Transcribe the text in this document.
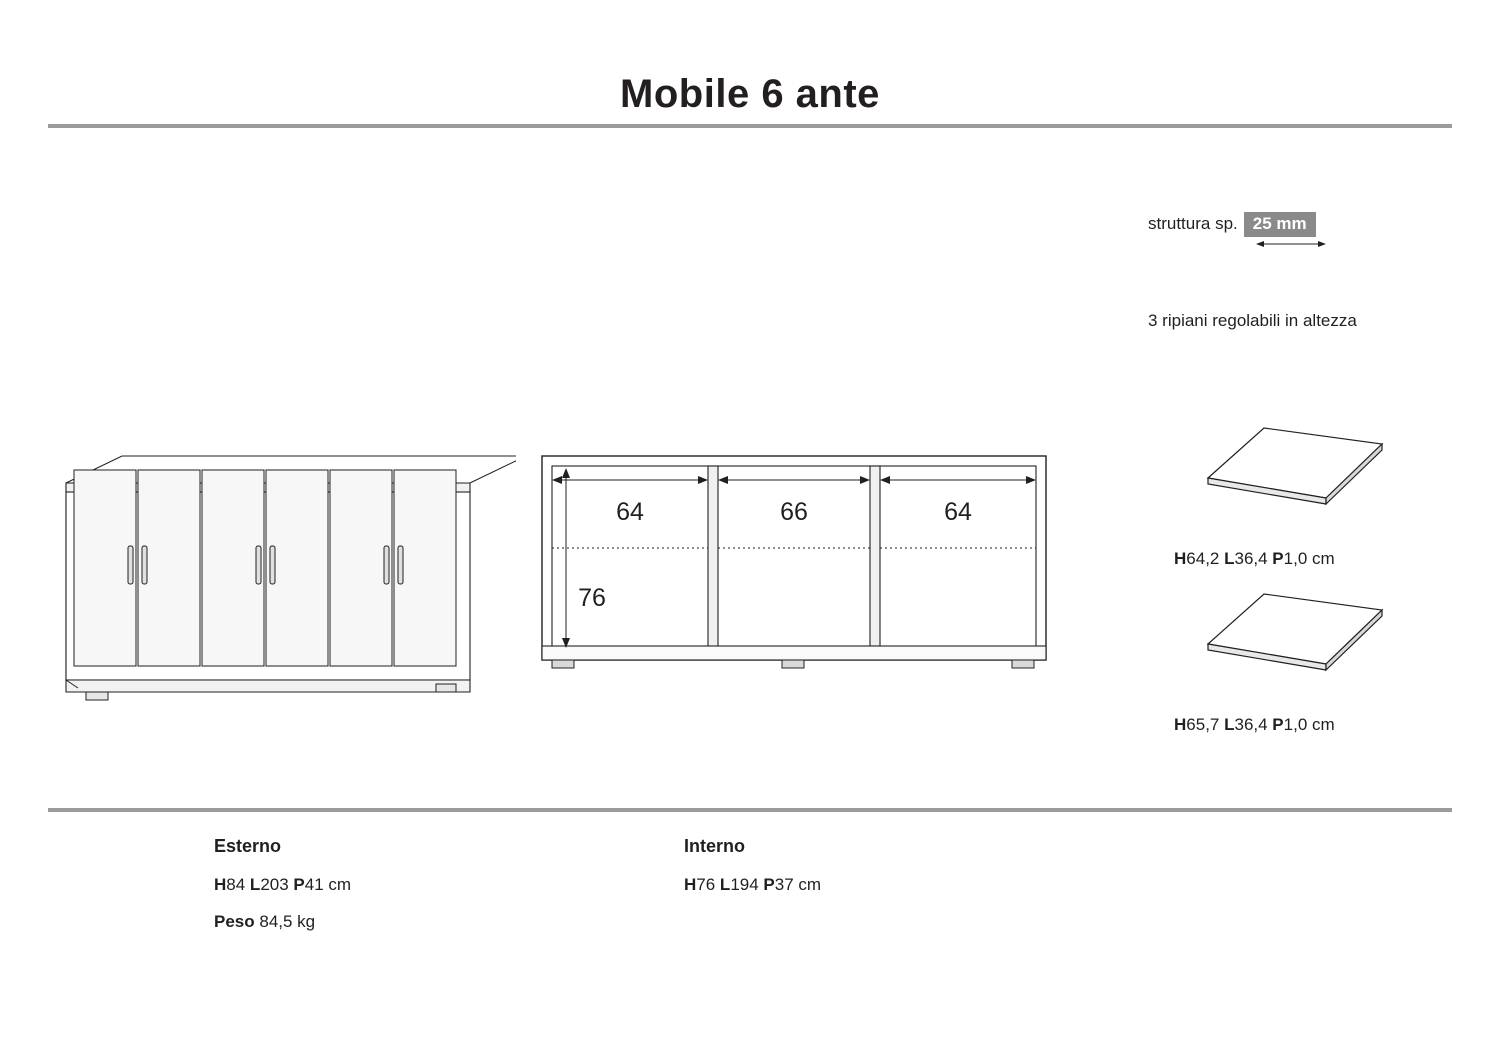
Mobile 6 ante
struttura sp. 25 mm
3 ripiani regolabili in altezza
H64,2 L36,4 P1,0 cm
H65,7 L36,4 P1,0 cm
64	66	64
76
Esterno
H84 L203 P41 cm
Peso 84,5 kg
Interno
H76 L194 P37 cm
